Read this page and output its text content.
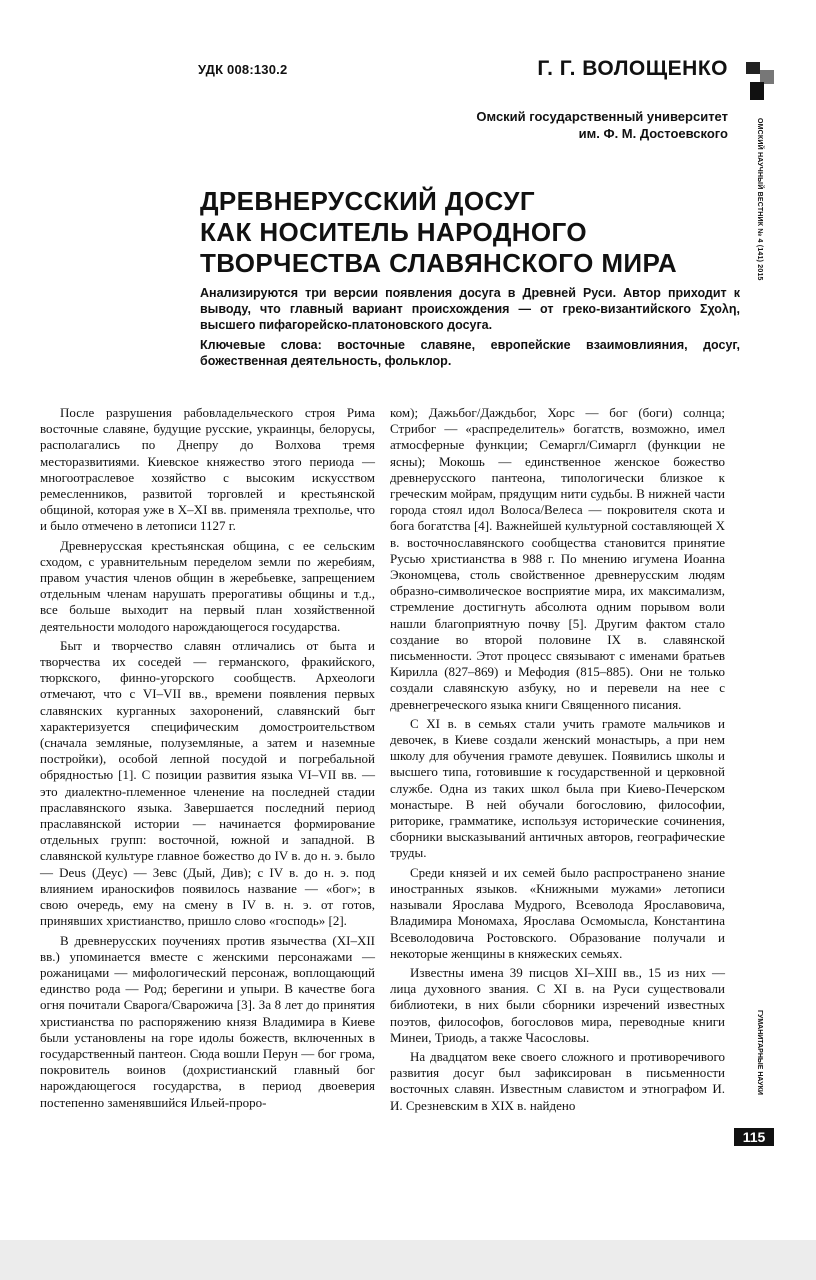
УДК 008:130.2	Г. Г. ВОЛОЩЕНКО
Омский государственный университет
им. Ф. М. Достоевского	ОМСКИЙ НАУЧНЫЙ ВЕСТНИК № 4 (141) 2015
ДРЕВНЕРУССКИЙ ДОСУГ
КАК НОСИТЕЛЬ НАРОДНОГО
ТВОРЧЕСТВА СЛАВЯНСКОГО МИРА

Анализируются три версии появления досуга в Древней Руси. Автор приходит к выводу, что главный вариант происхождения — от греко-византийского Σχολη, высшего пифагорейско-платоновского досуга.

Ключевые слова: восточные славяне, европейские взаимовлияния, досуг, божественная деятельность, фольклор.

После разрушения рабовладельческого строя Рима восточные славяне, будущие русские, украинцы, белорусы, располагались по Днепру до Волхова тремя месторазвитиями. Киевское княжество этого периода — многоотраслевое хозяйство с высоким искусством ремесленников, развитой торговлей и крестьянской общиной, которая уже в X–XI вв. применяла трехполье, что и было отмечено в летописи 1127 г.

Древнерусская крестьянская община, с ее сельским сходом, с уравнительным переделом земли по жеребиям, правом участия членов общин в жеребьевке, запрещением отдельным членам нарушать прерогативы общины и т.д., все больше выходит на первый план хозяйственной деятельности молодого нарождающегося государства.

Быт и творчество славян отличались от быта и творчества их соседей — германского, фракийского, тюркского, финно-угорского сообществ. Археологи отмечают, что с VI–VII вв., времени появления первых славянских курганных захоронений, славянский быт характеризуется специфическим домостроительством (сначала земляные, полуземляные, а затем и наземные постройки), особой лепной посудой и погребальной обрядностью [1]. С позиции развития языка VI–VII вв. — это диалектно-племенное членение на последней стадии праславянского языка. Завершается последний период праславянской истории — начинается формирование отдельных групп: восточной, южной и западной. В славянской культуре главное божество до IV в. до н. э. было — Deus (Деус) — Зевс (Дый, Див); с IV в. до н. э. под влиянием ираноскифов появилось название — «бог»; в свою очередь, ему на смену в IV в. н. э. от готов, принявших христианство, пришло слово «господь» [2].

В древнерусских поучениях против язычества (XI–XII вв.) упоминается вместе с женскими персонажами — рожаницами — мифологический персонаж, воплощающий единство рода — Род; берегини и упыри. В качестве бога огня почитали Сварога/Сварожича [3]. За 8 лет до принятия христианства по распоряжению князя Владимира в Киеве были установлены на горе идолы божеств, включенных в государственный пантеон. Сюда вошли Перун — бог грома, покровитель воинов (дохристианский главный бог нарождающегося государства, в период двоеверия постепенно заменявшийся Ильей-проро-

ком); Дажьбог/Даждьбог, Хорс — бог (боги) солнца; Стрибог — «распределитель» богатств, возможно, имел атмосферные функции; Семаргл/Симаргл (функции не ясны); Мокошь — единственное женское божество древнерусского пантеона, типологически близкое к греческим мойрам, прядущим нити судьбы. В нижней части города стоял идол Волоса/Велеса — покровителя скота и бога богатства [4]. Важнейшей культурной составляющей X в. восточнославянского сообщества становится принятие Русью христианства в 988 г. По мнению игумена Иоанна Экономцева, столь свойственное древнерусским людям образно-символическое восприятие мира, их максимализм, стремление достигнуть абсолюта одним порывом воли нашли благоприятную почву [5]. Другим фактом стало создание во второй половине IX в. славянской письменности. Этот процесс связывают с именами братьев Кирилла (827–869) и Мефодия (815–885). Они не только создали славянскую азбуку, но и перевели на нее с древнегреческого языка книги Священного писания.

С XI в. в семьях стали учить грамоте мальчиков и девочек, в Киеве создали женский монастырь, а при нем школу для обучения грамоте девушек. Появились школы и высшего типа, готовившие к государственной и церковной службе. Одна из таких школ была при Киево-Печерском монастыре. В ней обучали богословию, философии, риторике, грамматике, используя исторические сочинения, сборники высказываний античных авторов, географические труды.

Среди князей и их семей было распространено знание иностранных языков. «Книжными мужами» летописи называли Ярослава Мудрого, Всеволода Ярославовича, Владимира Мономаха, Ярослава Осмомысла, Константина Всеволодовича Ростовского. Образование получали и некоторые женщины в княжеских семьях.

Известны имена 39 писцов XI–XIII вв., 15 из них — лица духовного звания. С XI в. на Руси существовали библиотеки, в них были сборники изречений известных поэтов, философов, богословов мира, переводные книги Минеи, Триодь, а также Часословы.

На двадцатом веке своего сложного и противоречивого развития досуг был зафиксирован в письменности восточных славян. Известным славистом и этнографом И. И. Срезневским в XIX в. найдено

ГУМАНИТАРНЫЕ НАУКИ
115
